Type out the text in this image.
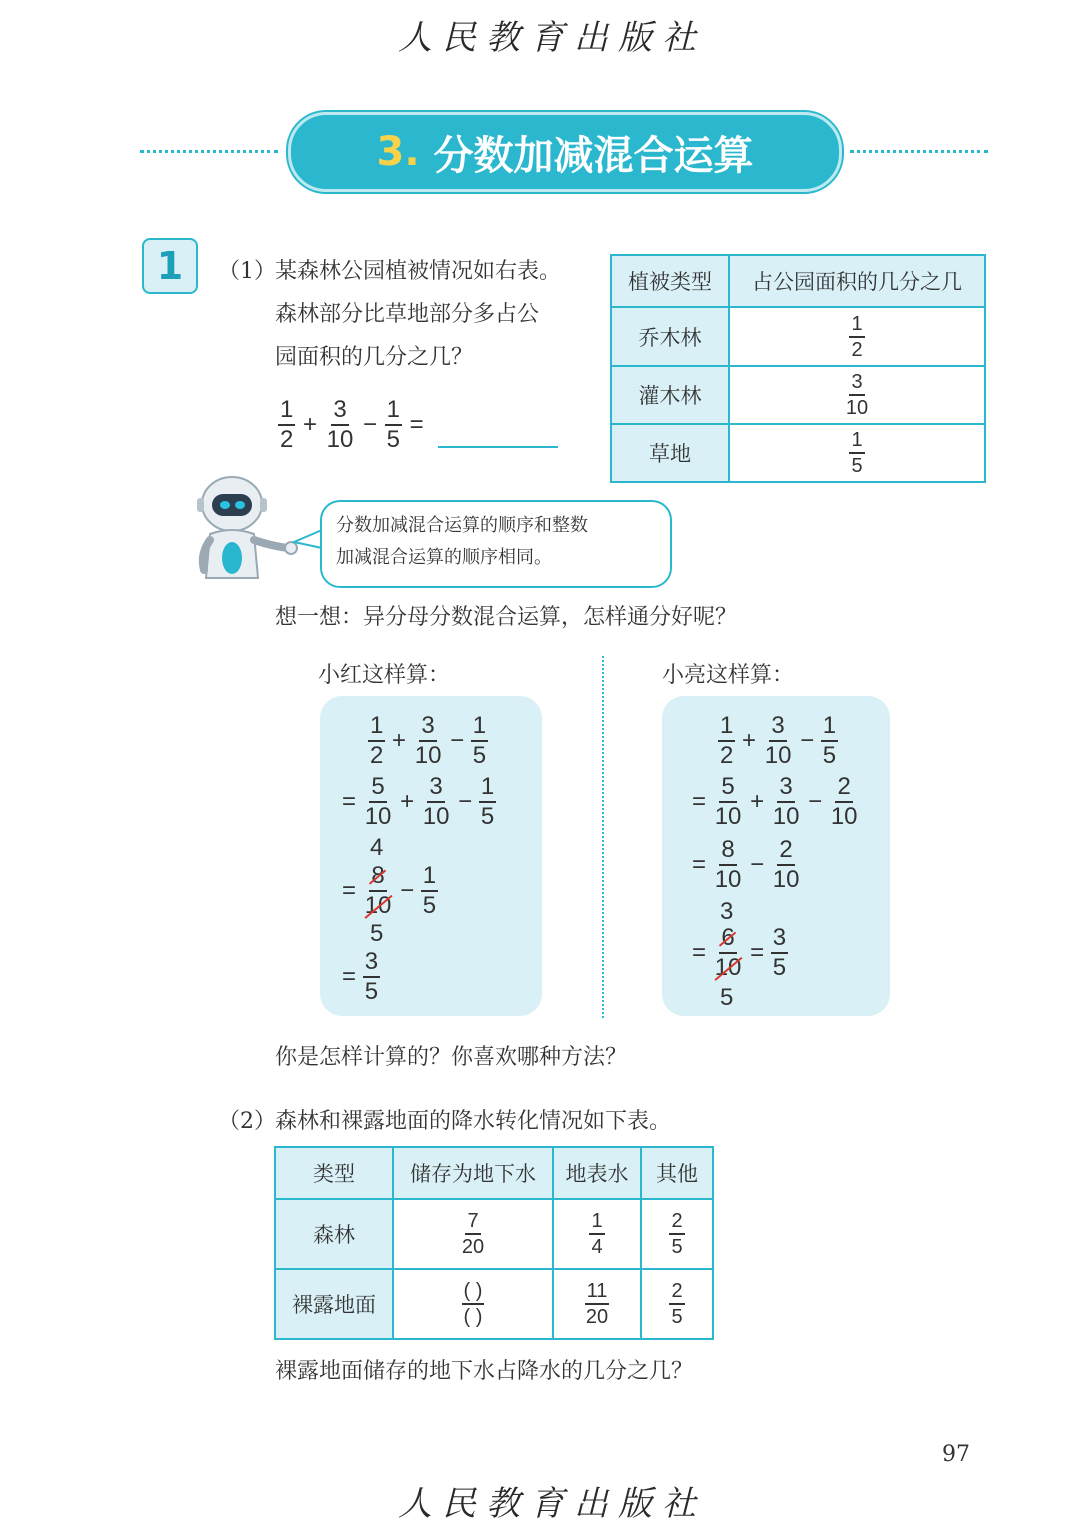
人民教育出版社
3. 分数加减混合运算
1	（1） 某森林公园植被情况如右表。
森林部分比草地部分多占公
园面积的几分之几？
$\frac{1}{2} + \frac{3}{10} - \frac{1}{5}$ =
植被类型	占公园面积的几分之几
乔木林	$\frac{1}{2}$

灌木林	$\frac{3}{10}$

草地	$\frac{1}{5}$
分数加减混合运算的顺序和整数
加减混合运算的顺序相同。
想一想：异分母分数混合运算，怎样通分好呢？
小红这样算：
$\frac{1}{2} + \frac{3}{10} - \frac{1}{5}$
= $\frac{5}{10} + \frac{3}{10} - \frac{1}{5}$
4
= $\frac{8}{10} - \frac{1}{5}$
5
= $\frac{3}{5}$
小亮这样算：
$\frac{1}{2} + \frac{3}{10} - \frac{1}{5}$
= $\frac{5}{10} + \frac{3}{10} - \frac{2}{10}$
= $\frac{8}{10} - \frac{2}{10}$
3
= $\frac{6}{10} = \frac{3}{5}$
5
你是怎样计算的？你喜欢哪种方法？
（2） 森林和裸露地面的降水转化情况如下表。
类型	储存为地下水	地表水	其他
森林	$\frac{7}{20}$	$\frac{1}{4}$	$\frac{2}{5}$

裸露地面	$\frac{( )}{( )}$	$\frac{11}{20}$	$\frac{2}{5}$
裸露地面储存的地下水占降水的几分之几？
97
人民教育出版社
